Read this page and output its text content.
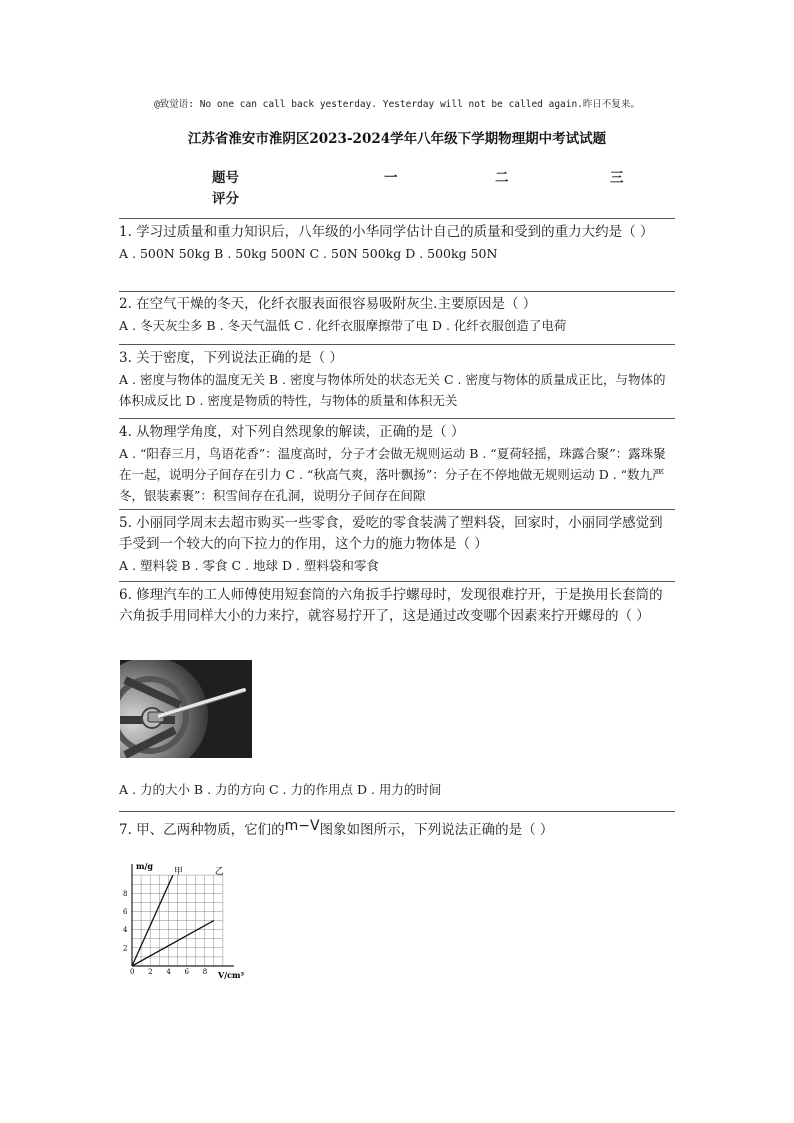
@致觉语: No one can call back yesterday. Yesterday will not be called again.昨日不复来。
江苏省淮安市淮阴区2023-2024学年八年级下学期物理期中考试试题
题号	一	二	三
评分

1. 学习过质量和重力知识后，八年级的小华同学估计自己的质量和受到的重力大约是（ ）

A . 500N 50kg B . 50kg 500N C . 50N 500kg D . 500kg 50N

2. 在空气干燥的冬天，化纤衣服表面很容易吸附灰尘.主要原因是（ ）

A . 冬天灰尘多 B . 冬天气温低 C . 化纤衣服摩擦带了电 D . 化纤衣服创造了电荷

3. 关于密度，下列说法正确的是（ ）

A . 密度与物体的温度无关 B . 密度与物体所处的状态无关 C . 密度与物体的质量成正比，与物体的体积成反比 D . 密度是物质的特性，与物体的质量和体积无关

4. 从物理学角度，对下列自然现象的解读，正确的是（ ）

A . “阳春三月，鸟语花香”：温度高时，分子才会做无规则运动 B . “夏荷轻摇，珠露合聚”：露珠聚在一起，说明分子间存在引力 C . “秋高气爽，落叶飘扬”：分子在不停地做无规则运动 D . “数九严冬，银装素裹”：积雪间存在孔洞，说明分子间存在间隙

5. 小丽同学周末去超市购买一些零食，爱吃的零食装满了塑料袋，回家时，小丽同学感觉到手受到一个较大的向下拉力的作用，这个力的施力物体是（ ）

A . 塑料袋 B . 零食 C . 地球 D . 塑料袋和零食

6. 修理汽车的工人师傅使用短套筒的六角扳手拧螺母时，发现很难拧开，于是换用长套筒的六角扳手用同样大小的力来拧，就容易拧开了，这是通过改变哪个因素来拧开螺母的（ ）

A . 力的大小 B . 力的方向 C . 力的作用点 D . 用力的时间

7. 甲、乙两种物质，它们的m−V图象如图所示，下列说法正确的是（ ）

0 2 4 6 8
2
4
6
8
m/g
V/cm³
甲	乙
